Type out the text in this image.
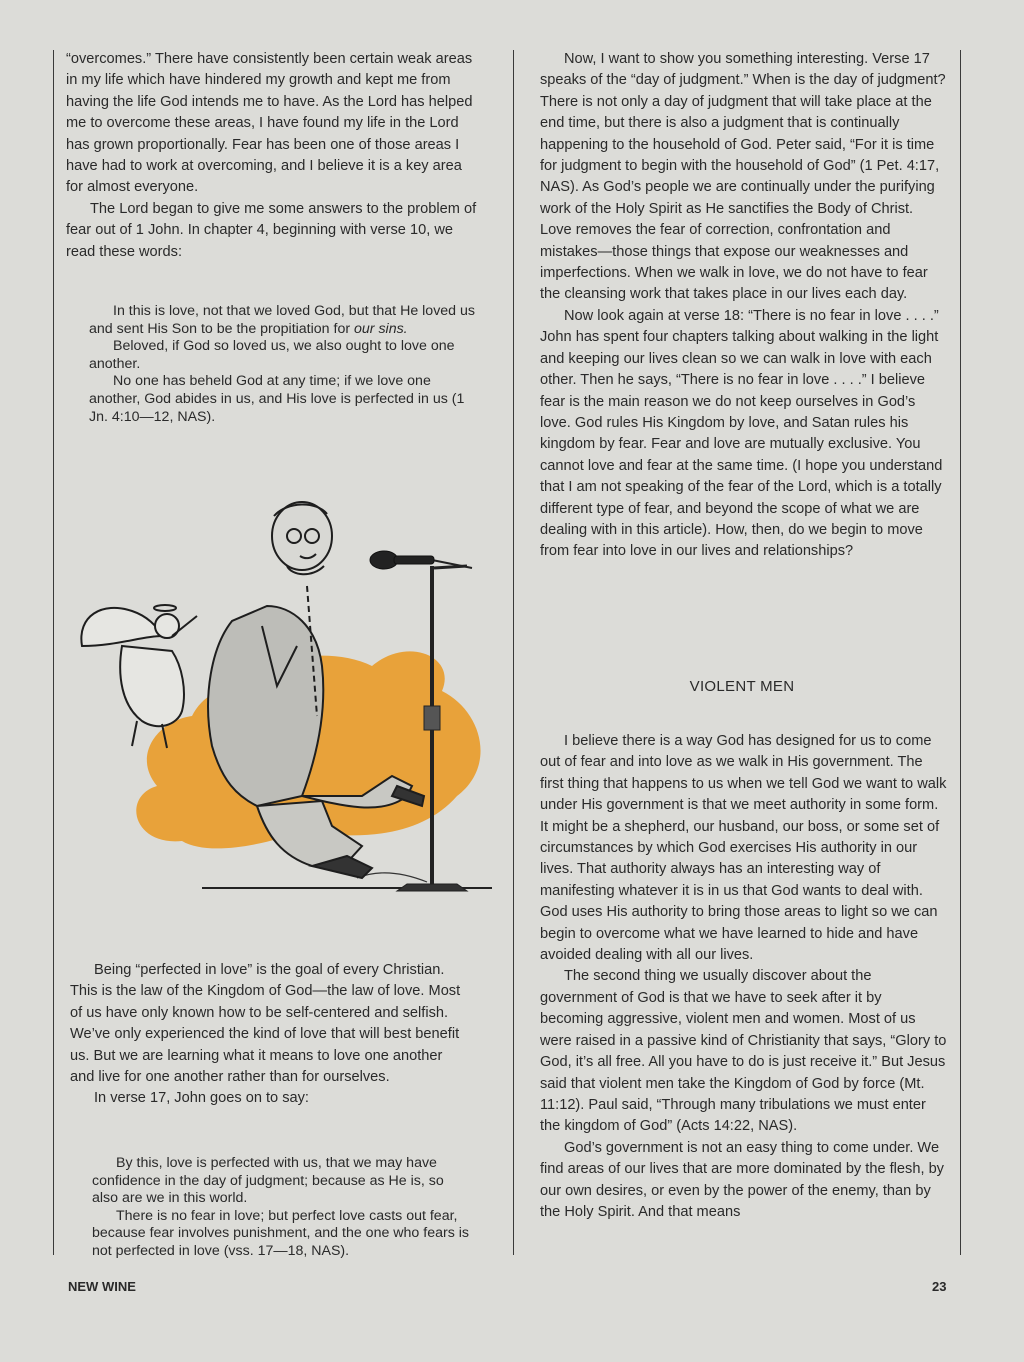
“overcomes.” There have consistently been certain weak areas in my life which have hindered my growth and kept me from having the life God intends me to have. As the Lord has helped me to overcome these areas, I have found my life in the Lord has grown proportionally. Fear has been one of those areas I have had to work at overcoming, and I believe it is a key area for almost everyone.

The Lord began to give me some answers to the problem of fear out of 1 John. In chapter 4, beginning with verse 10, we read these words:

In this is love, not that we loved God, but that He loved us and sent His Son to be the propitiation for our sins.

Beloved, if God so loved us, we also ought to love one another.

No one has beheld God at any time; if we love one another, God abides in us, and His love is perfected in us (1 Jn. 4:10—12, NAS).

Being “perfected in love” is the goal of every Christian. This is the law of the Kingdom of God—the law of love. Most of us have only known how to be self-centered and selfish. We’ve only experienced the kind of love that will best benefit us. But we are learning what it means to love one another and live for one another rather than for ourselves.

In verse 17, John goes on to say:

By this, love is perfected with us, that we may have confidence in the day of judgment; because as He is, so also are we in this world.

There is no fear in love; but perfect love casts out fear, because fear involves punishment, and the one who fears is not perfected in love (vss. 17—18, NAS).

Now, I want to show you something interesting. Verse 17 speaks of the “day of judgment.” When is the day of judgment? There is not only a day of judgment that will take place at the end time, but there is also a judgment that is continually happening to the household of God. Peter said, “For it is time for judgment to begin with the household of God” (1 Pet. 4:17, NAS). As God’s people we are continually under the purifying work of the Holy Spirit as He sanctifies the Body of Christ. Love removes the fear of correction, confrontation and mistakes—those things that expose our weaknesses and imperfections. When we walk in love, we do not have to fear the cleansing work that takes place in our lives each day.

Now look again at verse 18: “There is no fear in love . . . .” John has spent four chapters talking about walking in the light and keeping our lives clean so we can walk in love with each other. Then he says, “There is no fear in love . . . .” I believe fear is the main reason we do not keep ourselves in God’s love. God rules His Kingdom by love, and Satan rules his kingdom by fear. Fear and love are mutually exclusive. You cannot love and fear at the same time. (I hope you understand that I am not speaking of the fear of the Lord, which is a totally different type of fear, and beyond the scope of what we are dealing with in this article). How, then, do we begin to move from fear into love in our lives and relationships?

VIOLENT MEN

I believe there is a way God has designed for us to come out of fear and into love as we walk in His government. The first thing that happens to us when we tell God we want to walk under His government is that we meet authority in some form. It might be a shepherd, our husband, our boss, or some set of circumstances by which God exercises His authority in our lives. That authority always has an interesting way of manifesting whatever it is in us that God wants to deal with. God uses His authority to bring those areas to light so we can begin to overcome what we have learned to hide and have avoided dealing with all our lives.

The second thing we usually discover about the government of God is that we have to seek after it by becoming aggressive, violent men and women. Most of us were raised in a passive kind of Christianity that says, “Glory to God, it’s all free. All you have to do is just receive it.” But Jesus said that violent men take the Kingdom of God by force (Mt. 11:12). Paul said, “Through many tribulations we must enter the kingdom of God” (Acts 14:22, NAS).

God’s government is not an easy thing to come under. We find areas of our lives that are more dominated by the flesh, by our own desires, or even by the power of the enemy, than by the Holy Spirit. And that means

NEW WINE	23
